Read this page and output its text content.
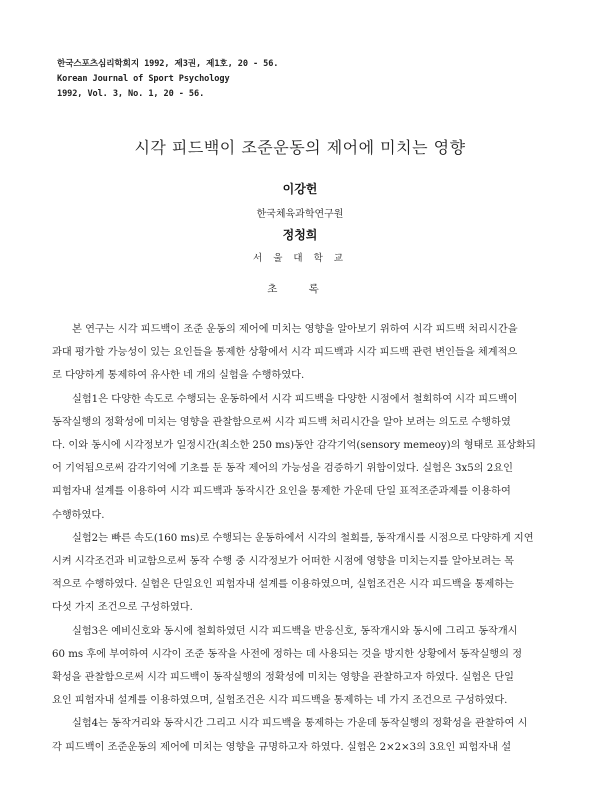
한국스포츠심리학회지 1992, 제3권, 제1호, 20 - 56.
Korean Journal of Sport Psychology
1992, Vol. 3, No. 1, 20 - 56.
시각 피드백이 조준운동의 제어에 미치는 영향
이강헌
한국체육과학연구원
정청희
서 울 대 학 교
초 록
본 연구는 시각 피드백이 조준 운동의 제어에 미치는 영향을 알아보기 위하여 시각 피드백 처리시간을
과대 평가할 가능성이 있는 요인들을 통제한 상황에서 시각 피드백과 시각 피드백 관련 변인들을 체계적으
로 다양하게 통제하여 유사한 네 개의 실험을 수행하였다.
실험1은 다양한 속도로 수행되는 운동하에서 시각 피드백을 다양한 시점에서 철회하여 시각 피드백이
동작실행의 정확성에 미치는 영향을 관찰함으로써 시각 피드백 처리시간을 알아 보려는 의도로 수행하였
다. 이와 동시에 시각정보가 일정시간(최소한 250 ms)동안 감각기억(sensory memeoy)의 형태로 표상화되
어 기억됨으로써 감각기억에 기초를 둔 동작 제어의 가능성을 검증하기 위함이었다. 실험은 3x5의 2요인
피험자내 설계를 이용하여 시각 피드백과 동작시간 요인을 통제한 가운데 단일 표적조준과제를 이용하여
수행하였다.
실험2는 빠른 속도(160 ms)로 수행되는 운동하에서 시각의 철회를, 동작개시를 시점으로 다양하게 지연
시켜 시각조건과 비교함으로써 동작 수행 중 시각정보가 어떠한 시점에 영향을 미치는지를 알아보려는 목
적으로 수행하였다. 실험은 단일요인 피험자내 설계를 이용하였으며, 실험조건은 시각 피드백을 통제하는
다섯 가지 조건으로 구성하였다.
실험3은 예비신호와 동시에 철회하였던 시각 피드백을 반응신호, 동작개시와 동시에 그리고 동작개시
60 ms 후에 부여하여 시각이 조준 동작을 사전에 정하는 데 사용되는 것을 방지한 상황에서 동작실행의 정
확성을 관찰함으로써 시각 피드백이 동작실행의 정확성에 미치는 영향을 관찰하고자 하였다. 실험은 단일
요인 피험자내 설계를 이용하였으며, 실험조건은 시각 피드백을 통제하는 네 가지 조건으로 구성하였다.
실험4는 동작거리와 동작시간 그리고 시각 피드백을 통제하는 가운데 동작실행의 정확성을 관찰하여 시
각 피드백이 조준운동의 제어에 미치는 영향을 규명하고자 하였다. 실험은 2×2×3의 3요인 피험자내 설
